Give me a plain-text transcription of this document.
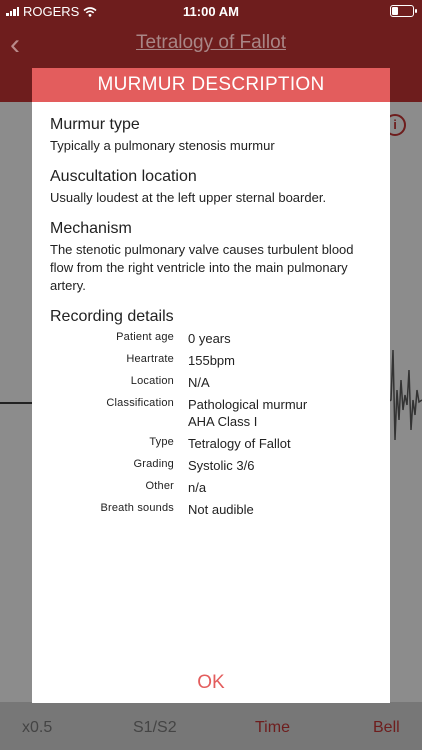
ROGERS	11:00 AM
‹	Tetralogy of Fallot
i
x0.5	S1/S2	Time	Bell
MURMUR DESCRIPTION
Murmur type
Typically a pulmonary stenosis murmur
Auscultation location
Usually loudest at the left upper sternal boarder.
Mechanism
The stenotic pulmonary valve causes turbulent blood flow from the right ventricle into the main pulmonary artery.
Recording details
Patient age 0 years
Heartrate 155bpm
Location N/A
Classification Pathological murmur
AHA Class I
Type Tetralogy of Fallot
Grading Systolic 3/6
Other n/a
Breath sounds Not audible
OK
